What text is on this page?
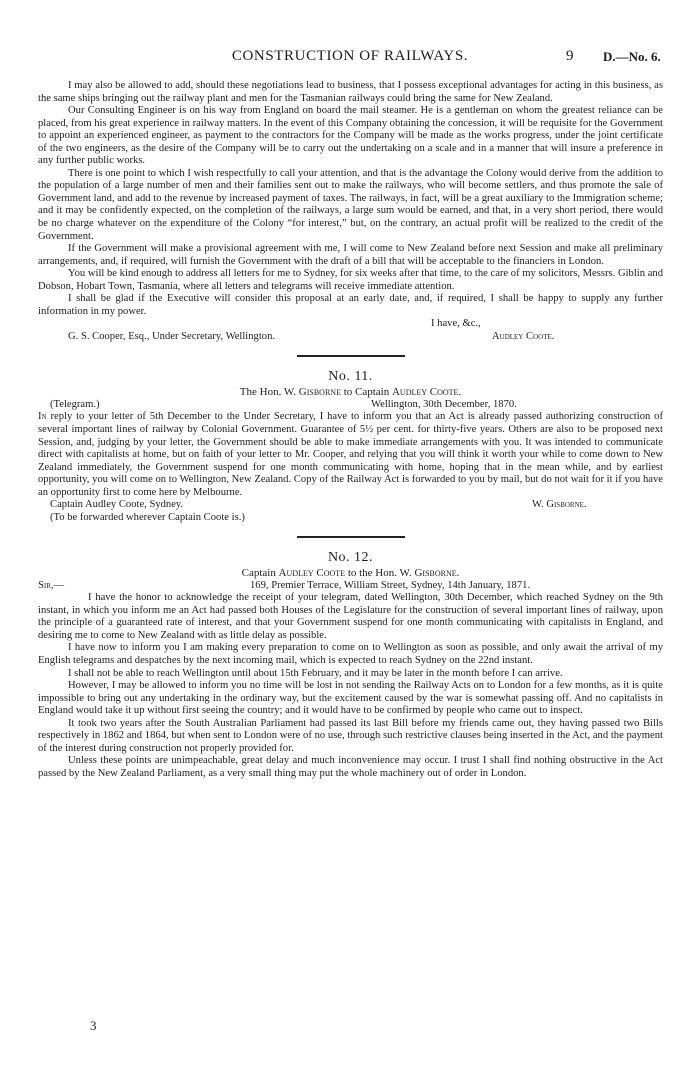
CONSTRUCTION OF RAILWAYS.	9 D.—No. 6.

I may also be allowed to add, should these negotiations lead to business, that I possess exceptional advantages for acting in this business, as the same ships bringing out the railway plant and men for the Tasmanian railways could bring the same for New Zealand.

Our Consulting Engineer is on his way from England on board the mail steamer. He is a gentleman on whom the greatest reliance can be placed, from his great experience in railway matters. In the event of this Company obtaining the concession, it will be requisite for the Government to appoint an experienced engineer, as payment to the contractors for the Company will be made as the works progress, under the joint certificate of the two engineers, as the desire of the Company will be to carry out the undertaking on a scale and in a manner that will insure a preference in any further public works.

There is one point to which I wish respectfully to call your attention, and that is the advantage the Colony would derive from the addition to the population of a large number of men and their families sent out to make the railways, who will become settlers, and thus promote the sale of Government land, and add to the revenue by increased payment of taxes. The railways, in fact, will be a great auxiliary to the Immigration scheme; and it may be confidently expected, on the completion of the railways, a large sum would be earned, and that, in a very short period, there would be no charge whatever on the expenditure of the Colony “for interest,” but, on the contrary, an actual profit will be realized to the credit of the Government.

If the Government will make a provisional agreement with me, I will come to New Zealand before next Session and make all preliminary arrangements, and, if required, will furnish the Government with the draft of a bill that will be acceptable to the financiers in London.

You will be kind enough to address all letters for me to Sydney, for six weeks after that time, to the care of my solicitors, Messrs. Giblin and Dobson, Hobart Town, Tasmania, where all letters and telegrams will receive immediate attention.

I shall be glad if the Executive will consider this proposal at an early date, and, if required, I shall be happy to supply any further information in my power.

I have, &c.,
G. S. Cooper, Esq., Under Secretary, Wellington.	Audley Coote.
No. 11.
The Hon. W. Gisborne to Captain Audley Coote.
(Telegram.)	Wellington, 30th December, 1870.

In reply to your letter of 5th December to the Under Secretary, I have to inform you that an Act is already passed authorizing construction of several important lines of railway by Colonial Government. Guarantee of 5½ per cent. for thirty-five years. Others are also to be proposed next Session, and, judging by your letter, the Government should be able to make immediate arrangements with you. It was intended to communicate direct with capitalists at home, but on faith of your letter to Mr. Cooper, and relying that you will think it worth your while to come down to New Zealand immediately, the Government suspend for one month communicating with home, hoping that in the mean while, and by earliest opportunity, you will come on to Wellington, New Zealand. Copy of the Railway Act is forwarded to you by mail, but do not wait for it if you have an opportunity first to come here by Melbourne.

Captain Audley Coote, Sydney.	W. Gisborne.
(To be forwarded wherever Captain Coote is.)
No. 12.
Captain Audley Coote to the Hon. W. Gisborne.
Sir,—	169, Premier Terrace, William Street, Sydney, 14th January, 1871.

I have the honor to acknowledge the receipt of your telegram, dated Wellington, 30th December, which reached Sydney on the 9th instant, in which you inform me an Act had passed both Houses of the Legislature for the construction of several important lines of railway, upon the principle of a guaranteed rate of interest, and that your Government suspend for one month communicating with capitalists in England, and desiring me to come to New Zealand with as little delay as possible.

I have now to inform you I am making every preparation to come on to Wellington as soon as possible, and only await the arrival of my English telegrams and despatches by the next incoming mail, which is expected to reach Sydney on the 22nd instant.

I shall not be able to reach Wellington until about 15th February, and it may be later in the month before I can arrive.

However, I may be allowed to inform you no time will be lost in not sending the Railway Acts on to London for a few months, as it is quite impossible to bring out any undertaking in the ordinary way, but the excitement caused by the war is somewhat passing off. And no capitalists in England would take it up without first seeing the country; and it would have to be confirmed by people who came out to inspect.

It took two years after the South Australian Parliament had passed its last Bill before my friends came out, they having passed two Bills respectively in 1862 and 1864, but when sent to London were of no use, through such restrictive clauses being inserted in the Act, and the payment of the interest during construction not properly provided for.

Unless these points are unimpeachable, great delay and much inconvenience may occur. I trust I shall find nothing obstructive in the Act passed by the New Zealand Parliament, as a very small thing may put the whole machinery out of order in London.

3
